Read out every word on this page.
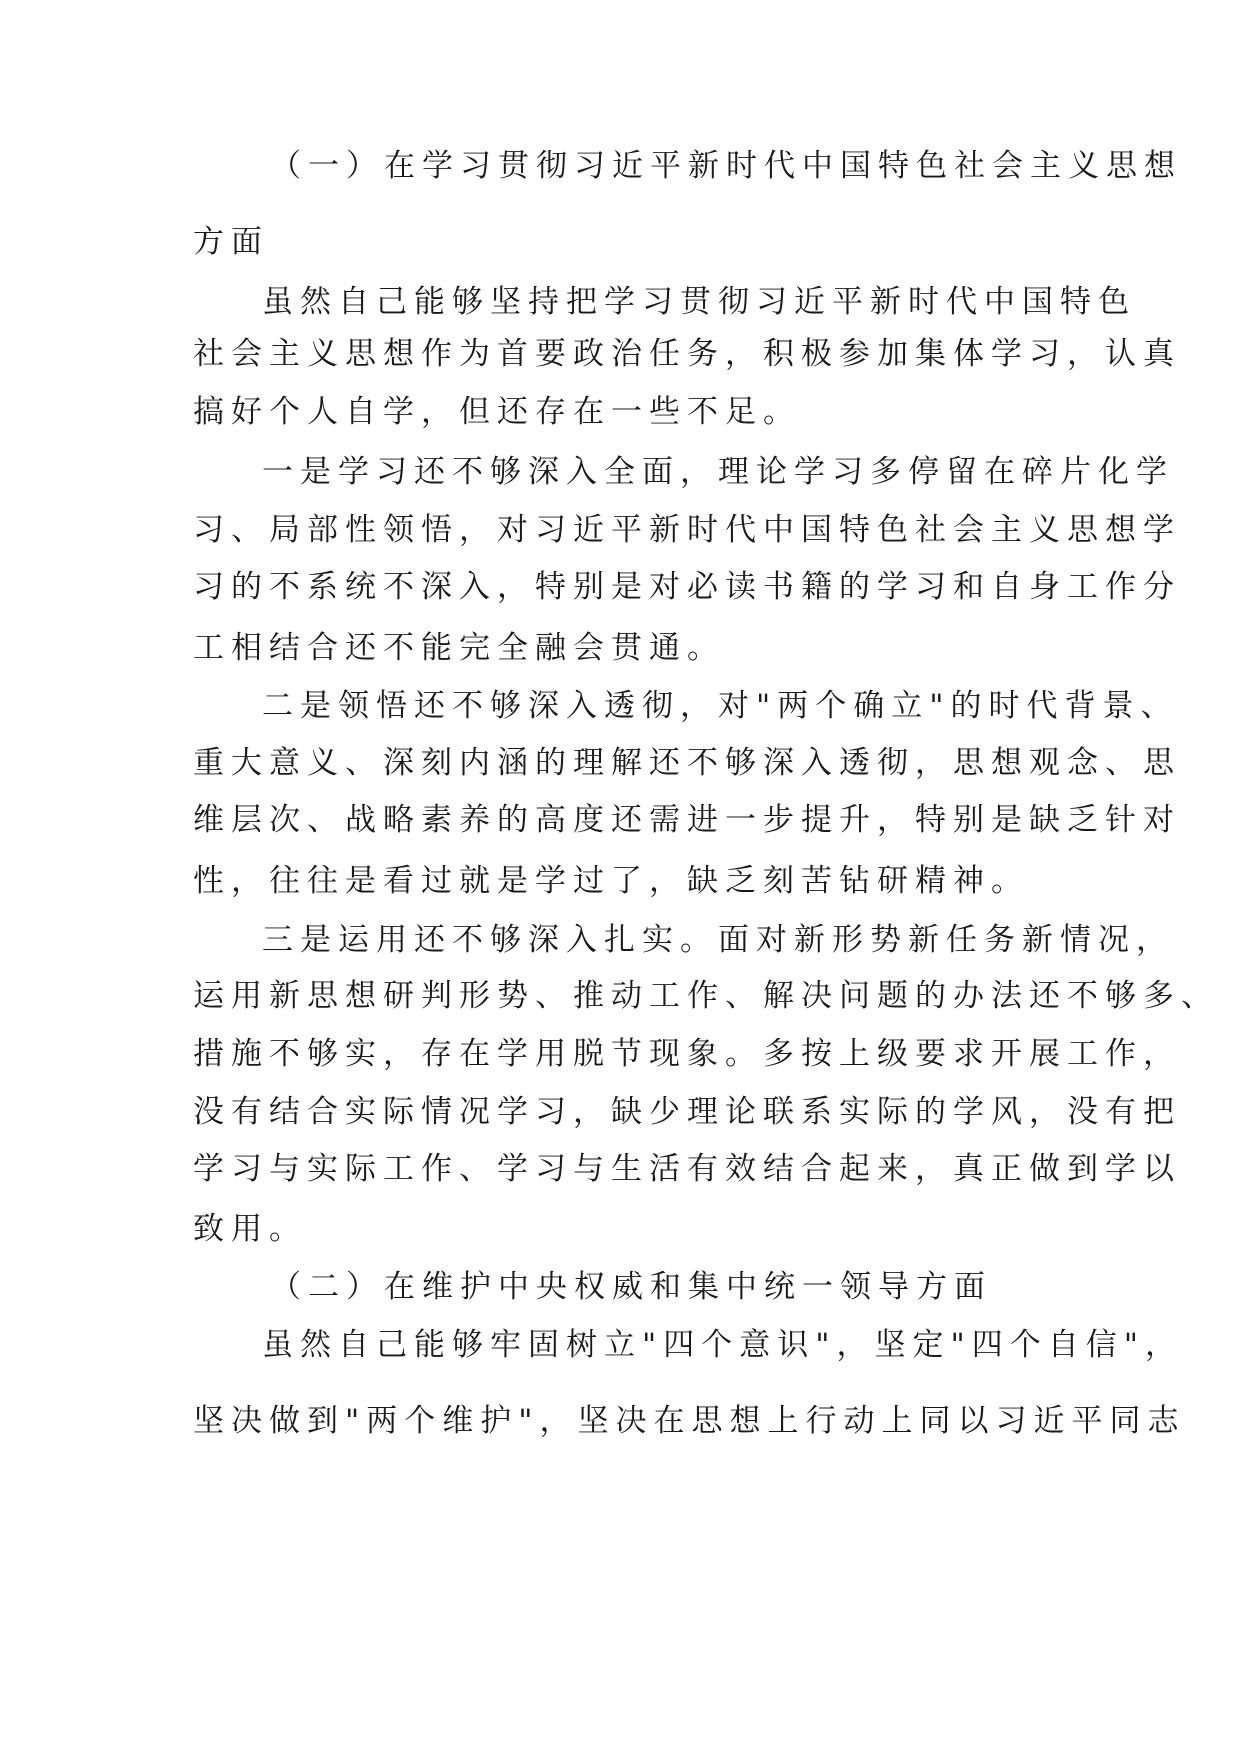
（一）在学习贯彻习近平新时代中国特色社会主义思想
方面
虽然自己能够坚持把学习贯彻习近平新时代中国特色
社会主义思想作为首要政治任务，积极参加集体学习，认真
搞好个人自学，但还存在一些不足。
一是学习还不够深入全面，理论学习多停留在碎片化学
习、局部性领悟，对习近平新时代中国特色社会主义思想学
习的不系统不深入，特别是对必读书籍的学习和自身工作分
工相结合还不能完全融会贯通。
二是领悟还不够深入透彻，对"两个确立"的时代背景、
重大意义、深刻内涵的理解还不够深入透彻，思想观念、思
维层次、战略素养的高度还需进一步提升，特别是缺乏针对
性，往往是看过就是学过了，缺乏刻苦钻研精神。
三是运用还不够深入扎实。面对新形势新任务新情况，
运用新思想研判形势、推动工作、解决问题的办法还不够多、
措施不够实，存在学用脱节现象。多按上级要求开展工作，
没有结合实际情况学习，缺少理论联系实际的学风，没有把
学习与实际工作、学习与生活有效结合起来，真正做到学以
致用。
（二）在维护中央权威和集中统一领导方面
虽然自己能够牢固树立"四个意识"，坚定"四个自信"，
坚决做到"两个维护"，坚决在思想上行动上同以习近平同志
